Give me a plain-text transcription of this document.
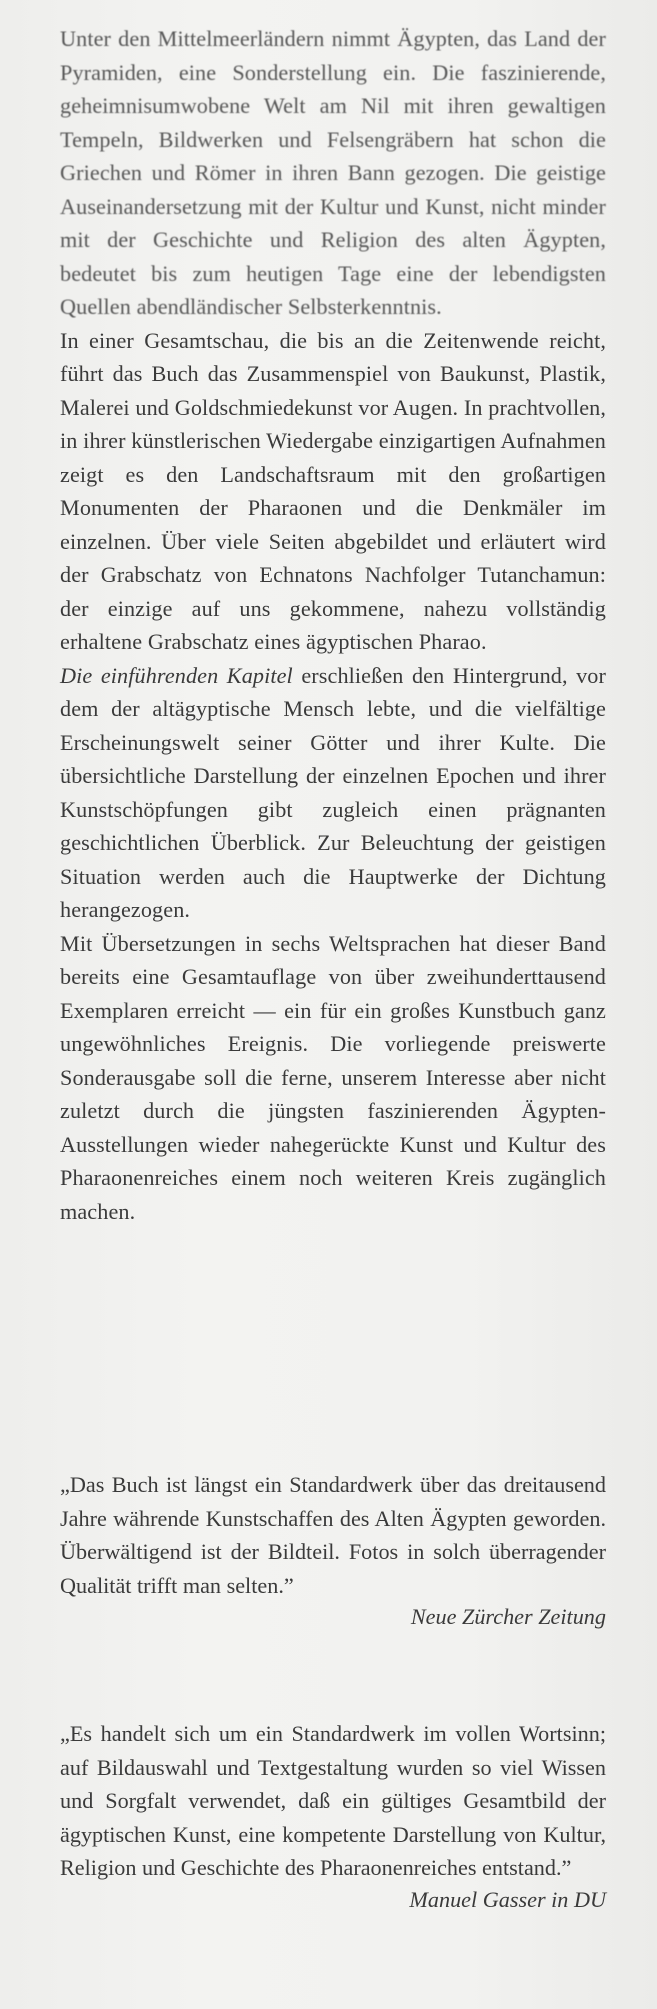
Unter den Mittelmeerländern nimmt Ägypten, das Land der Pyramiden, eine Sonderstellung ein. Die faszinierende, geheimnisumwobene Welt am Nil mit ihren gewaltigen Tempeln, Bildwerken und Felsengräbern hat schon die Griechen und Römer in ihren Bann gezogen. Die geistige Auseinandersetzung mit der Kultur und Kunst, nicht minder mit der Geschichte und Religion des alten Ägypten, bedeutet bis zum heutigen Tage eine der lebendigsten Quellen abendländischer Selbsterkenntnis.

In einer Gesamtschau, die bis an die Zeitenwende reicht, führt das Buch das Zusammenspiel von Baukunst, Plastik, Malerei und Goldschmiedekunst vor Augen. In prachtvollen, in ihrer künstlerischen Wiedergabe einzigartigen Aufnahmen zeigt es den Landschaftsraum mit den großartigen Monumenten der Pharaonen und die Denkmäler im einzelnen. Über viele Seiten abgebildet und erläutert wird der Grabschatz von Echnatons Nachfolger Tutanchamun: der einzige auf uns gekommene, nahezu vollständig erhaltene Grabschatz eines ägyptischen Pharao.

Die einführenden Kapitel erschließen den Hintergrund, vor dem der altägyptische Mensch lebte, und die vielfältige Erscheinungswelt seiner Götter und ihrer Kulte. Die übersichtliche Darstellung der einzelnen Epochen und ihrer Kunstschöpfungen gibt zugleich einen prägnanten geschichtlichen Überblick. Zur Beleuchtung der geistigen Situation werden auch die Hauptwerke der Dichtung herangezogen.

Mit Übersetzungen in sechs Weltsprachen hat dieser Band bereits eine Gesamtauflage von über zweihunderttausend Exemplaren erreicht — ein für ein großes Kunstbuch ganz ungewöhnliches Ereignis. Die vorliegende preiswerte Sonderausgabe soll die ferne, unserem Interesse aber nicht zuletzt durch die jüngsten faszinierenden Ägypten-Ausstellungen wieder nahegerückte Kunst und Kultur des Pharaonenreiches einem noch weiteren Kreis zugänglich machen.

„Das Buch ist längst ein Standardwerk über das dreitausend Jahre währende Kunstschaffen des Alten Ägypten geworden. Überwältigend ist der Bildteil. Fotos in solch überragender Qualität trifft man selten.”

Neue Zürcher Zeitung

„Es handelt sich um ein Standardwerk im vollen Wortsinn; auf Bildauswahl und Textgestaltung wurden so viel Wissen und Sorgfalt verwendet, daß ein gültiges Gesamtbild der ägyptischen Kunst, eine kompetente Darstellung von Kultur, Religion und Geschichte des Pharaonenreiches entstand.”

Manuel Gasser in DU
